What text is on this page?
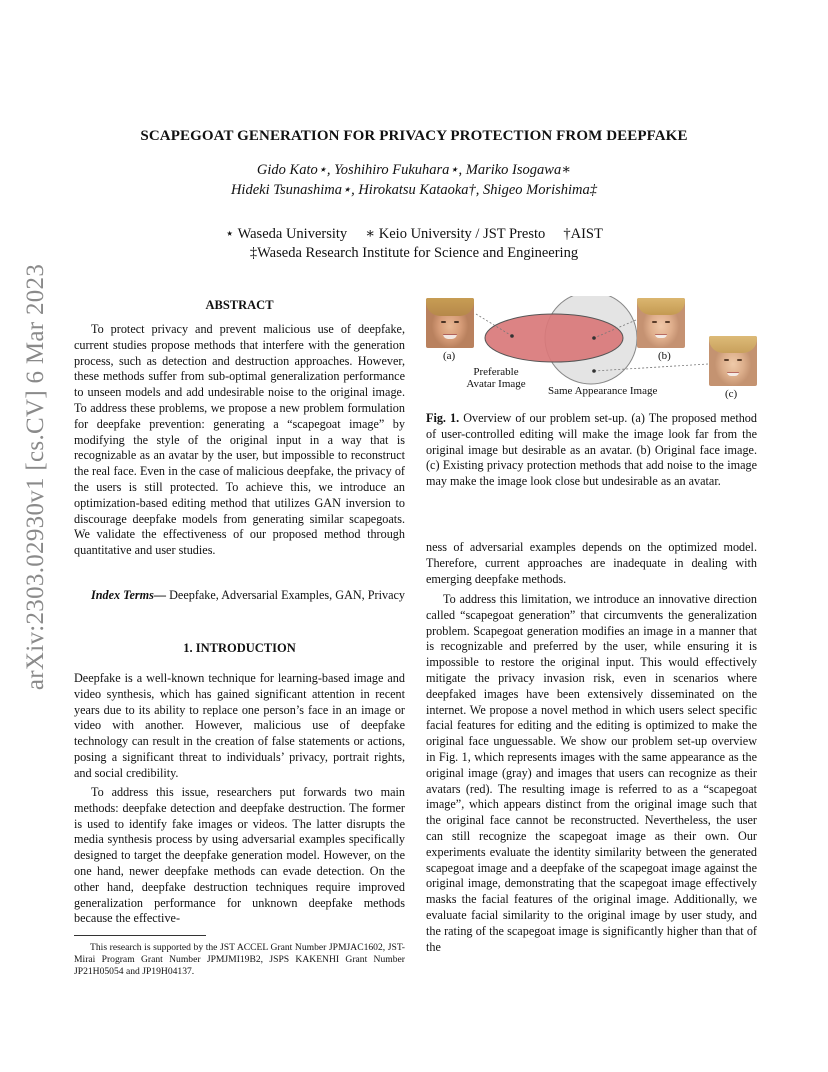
arXiv:2303.02930v1 [cs.CV] 6 Mar 2023
SCAPEGOAT GENERATION FOR PRIVACY PROTECTION FROM DEEPFAKE
Gido Kato⋆, Yoshihiro Fukuhara⋆, Mariko Isogawa∗
Hideki Tsunashima⋆, Hirokatsu Kataoka†, Shigeo Morishima‡
⋆ Waseda University     ∗ Keio University / JST Presto     †AIST
‡Waseda Research Institute for Science and Engineering
ABSTRACT
To protect privacy and prevent malicious use of deepfake, current studies propose methods that interfere with the generation process, such as detection and destruction approaches. However, these methods suffer from sub-optimal generalization performance to unseen models and add undesirable noise to the original image. To address these problems, we propose a new problem formulation for deepfake prevention: generating a “scapegoat image” by modifying the style of the original input in a way that is recognizable as an avatar by the user, but impossible to reconstruct the real face. Even in the case of malicious deepfake, the privacy of the users is still protected. To achieve this, we introduce an optimization-based editing method that utilizes GAN inversion to discourage deepfake models from generating similar scapegoats. We validate the effectiveness of our proposed method through quantitative and user studies.
Index Terms— Deepfake, Adversarial Examples, GAN, Privacy
1. INTRODUCTION
Deepfake is a well-known technique for learning-based image and video synthesis, which has gained significant attention in recent years due to its ability to replace one person’s face in an image or video with another. However, malicious use of deepfake technology can result in the creation of false statements or actions, posing a significant threat to individuals’ privacy, portrait rights, and social credibility.
To address this issue, researchers put forwards two main methods: deepfake detection and deepfake destruction. The former is used to identify fake images or videos. The latter disrupts the media synthesis process by using adversarial examples specifically designed to target the deepfake generation model. However, on the one hand, newer deepfake methods can evade detection. On the other hand, deepfake destruction techniques require improved generalization performance for unknown deepfake methods because the effective-
This research is supported by the JST ACCEL Grant Number JPMJAC1602, JST-Mirai Program Grant Number JPMJMI19B2, JSPS KAKENHI Grant Number JP21H05054 and JP19H04137.
(a)	(b)
(c)
Preferable
Avatar Image
Same Appearance Image
Fig. 1. Overview of our problem set-up. (a) The proposed method of user-controlled editing will make the image look far from the original image but desirable as an avatar. (b) Original face image. (c) Existing privacy protection methods that add noise to the image may make the image look close but undesirable as an avatar.
ness of adversarial examples depends on the optimized model. Therefore, current approaches are inadequate in dealing with emerging deepfake methods.
To address this limitation, we introduce an innovative direction called “scapegoat generation” that circumvents the generalization problem. Scapegoat generation modifies an image in a manner that is recognizable and preferred by the user, while ensuring it is impossible to restore the original input. This would effectively mitigate the privacy invasion risk, even in scenarios where deepfaked images have been extensively disseminated on the internet. We propose a novel method in which users select specific facial features for editing and the editing is optimized to make the original face unguessable. We show our problem set-up overview in Fig. 1, which represents images with the same appearance as the original image (gray) and images that users can recognize as their avatars (red). The resulting image is referred to as a “scapegoat image”, which appears distinct from the original image such that the original face cannot be reconstructed. Nevertheless, the user can still recognize the scapegoat image as their own. Our experiments evaluate the identity similarity between the generated scapegoat image and a deepfake of the scapegoat image against the original image, demonstrating that the scapegoat image effectively masks the facial features of the original image. Additionally, we evaluate facial similarity to the original image by user study, and the rating of the scapegoat image is significantly higher than that of the
